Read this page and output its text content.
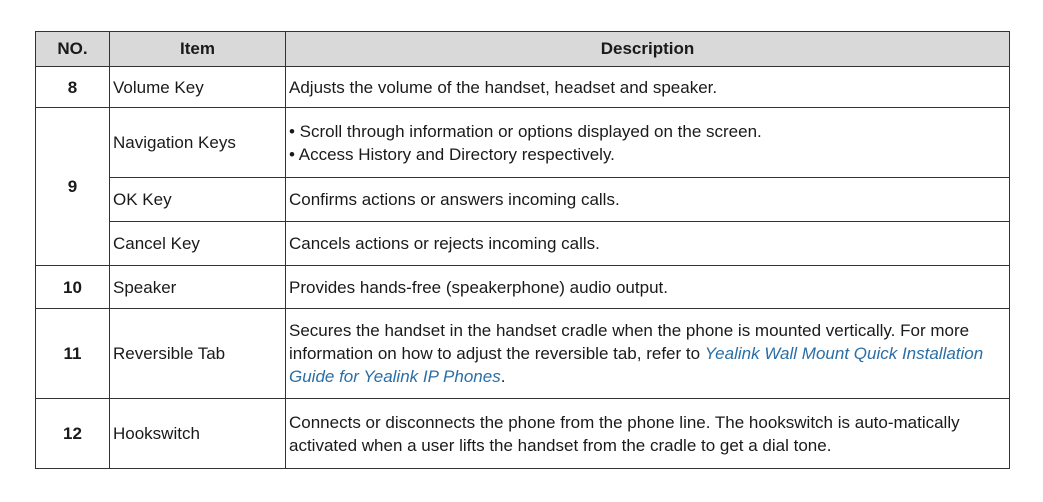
NO.	Item	Description
8	Volume Key	Adjusts the volume of the handset, headset and speaker.
9	Navigation Keys	• Scroll through information or options displayed on the screen.
• Access History and Directory respectively.

	OK Key	Confirms actions or answers incoming calls.
	Cancel Key	Cancels actions or rejects incoming calls.
10	Speaker	Provides hands-free (speakerphone) audio output.
11	Reversible Tab	Secures the handset in the handset cradle when the phone is mounted vertically. For more information on how to adjust the reversible tab, refer to Yealink Wall Mount Quick Installation Guide for Yealink IP Phones.
12	Hookswitch	Connects or disconnects the phone from the phone line. The hookswitch is auto-matically activated when a user lifts the handset from the cradle to get a dial tone.
